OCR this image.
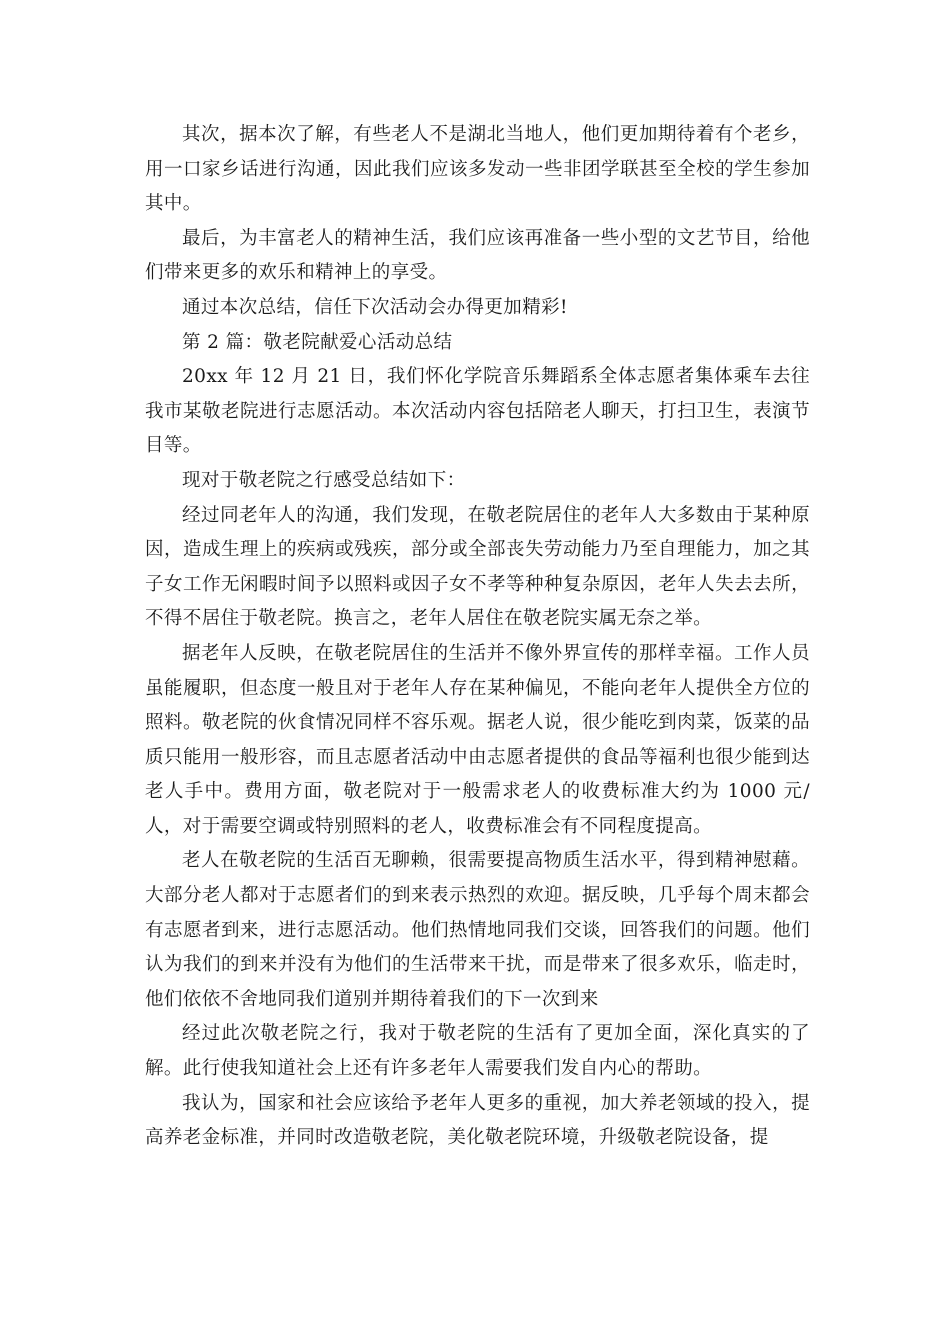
其次，据本次了解，有些老人不是湖北当地人，他们更加期待着有个老乡，用一口家乡话进行沟通，因此我们应该多发动一些非团学联甚至全校的学生参加其中。

最后，为丰富老人的精神生活，我们应该再准备一些小型的文艺节目，给他们带来更多的欢乐和精神上的享受。

通过本次总结，信任下次活动会办得更加精彩!

第 2 篇：敬老院献爱心活动总结

20xx 年 12 月 21 日，我们怀化学院音乐舞蹈系全体志愿者集体乘车去往我市某敬老院进行志愿活动。本次活动内容包括陪老人聊天，打扫卫生，表演节目等。

现对于敬老院之行感受总结如下：

经过同老年人的沟通，我们发现，在敬老院居住的老年人大多数由于某种原因，造成生理上的疾病或残疾，部分或全部丧失劳动能力乃至自理能力，加之其子女工作无闲暇时间予以照料或因子女不孝等种种复杂原因，老年人失去去所，不得不居住于敬老院。换言之，老年人居住在敬老院实属无奈之举。

据老年人反映，在敬老院居住的生活并不像外界宣传的那样幸福。工作人员虽能履职，但态度一般且对于老年人存在某种偏见，不能向老年人提供全方位的照料。敬老院的伙食情况同样不容乐观。据老人说，很少能吃到肉菜，饭菜的品质只能用一般形容，而且志愿者活动中由志愿者提供的食品等福利也很少能到达老人手中。费用方面，敬老院对于一般需求老人的收费标准大约为 1000 元/人，对于需要空调或特别照料的老人，收费标准会有不同程度提高。

老人在敬老院的生活百无聊赖，很需要提高物质生活水平，得到精神慰藉。大部分老人都对于志愿者们的到来表示热烈的欢迎。据反映，几乎每个周末都会有志愿者到来，进行志愿活动。他们热情地同我们交谈，回答我们的问题。他们认为我们的到来并没有为他们的生活带来干扰，而是带来了很多欢乐，临走时，他们依依不舍地同我们道别并期待着我们的下一次到来

经过此次敬老院之行，我对于敬老院的生活有了更加全面，深化真实的了解。此行使我知道社会上还有许多老年人需要我们发自内心的帮助。

我认为，国家和社会应该给予老年人更多的重视，加大养老领域的投入，提高养老金标准，并同时改造敬老院，美化敬老院环境，升级敬老院设备，提
